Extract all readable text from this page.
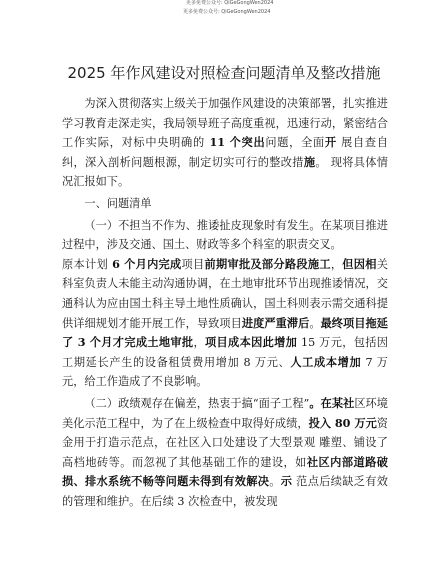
更多免费公众号: QiGeGongWen2024
更多免费公众号: QiGeGongWen2024
2025 年作风建设对照检查问题清单及整改措施

为深入贯彻落实上级关于加强作风建设的决策部署，扎实推进学习教育走深走实，我局领导班子高度重视，迅速行动，紧密结合工作实际，对标中央明确的 11 个突出问题，全面开 展自查自纠，深入剖析问题根源，制定切实可行的整改措施。 现将具体情况汇报如下。

一、问题清单

（一）不担当不作为、推诿扯皮现象时有发生。在某项目推进过程中，涉及交通、国土、财政等多个科室的职责交叉。

原本计划 6 个月内完成项目前期审批及部分路段施工，但因相关科室负责人未能主动沟通协调，在土地审批环节出现推诿情况，交通科认为应由国土科主导土地性质确认，国土科则表示需交通科提供详细规划才能开展工作，导致项目进度严重滞后。最终项目拖延了 3 个月才完成土地审批，项目成本因此增加 15 万元，包括因工期延长产生的设备租赁费用增加 8 万元、人工成本增加 7 万元，给工作造成了不良影响。

（二）政绩观存在偏差，热衷于搞“面子工程”。在某社区环境美化示范工程中，为了在上级检查中取得好成绩，投入 80 万元资金用于打造示范点，在社区入口处建设了大型景观 雕塑、铺设了高档地砖等。而忽视了其他基础工作的建设，如社区内部道路破损、排水系统不畅等问题未得到有效解决。示 范点后续缺乏有效的管理和维护。在后续 3 次检查中，被发现
